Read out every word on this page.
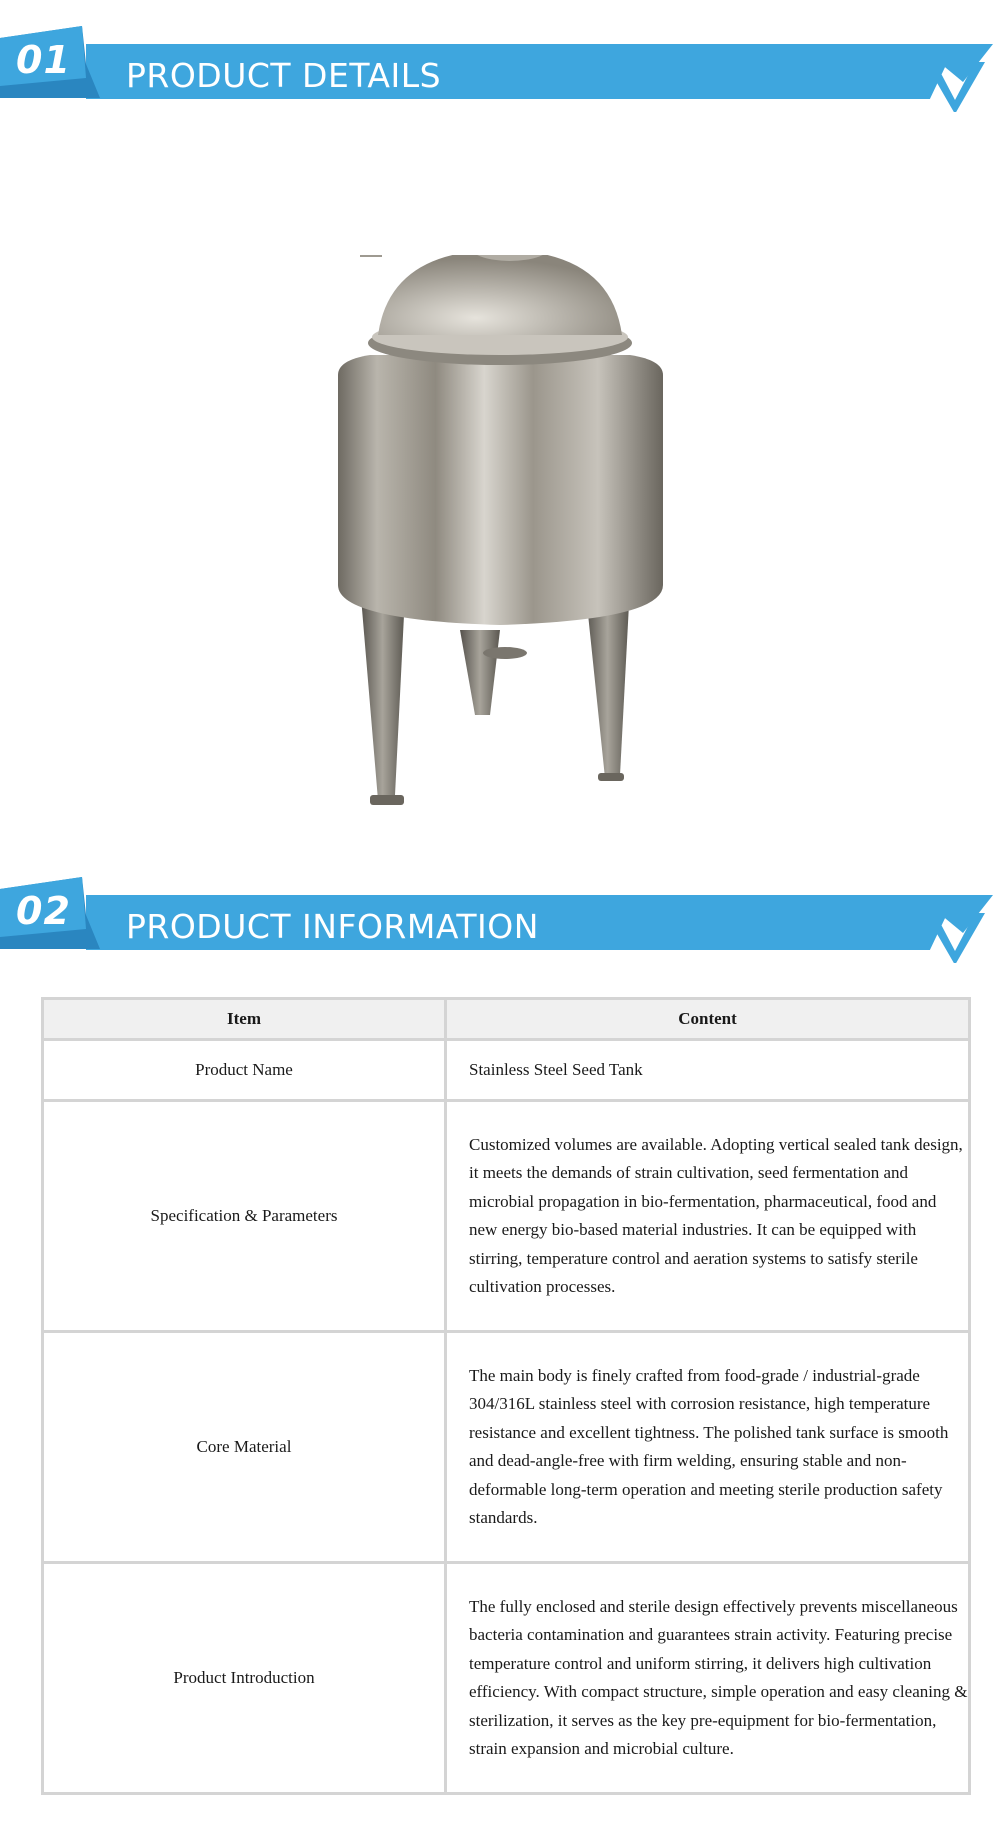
01 PRODUCT DETAILS
02 PRODUCT INFORMATION
Item	Content
Product Name	Stainless Steel Seed Tank
Specification & Parameters	Customized volumes are available. Adopting vertical sealed tank design, it meets the demands of strain cultivation, seed fermentation and microbial propagation in bio-fermentation, pharmaceutical, food and new energy bio-based material industries. It can be equipped with stirring, temperature control and aeration systems to satisfy sterile cultivation processes.
Core Material	The main body is finely crafted from food-grade / industrial-grade 304/316L stainless steel with corrosion resistance, high temperature resistance and excellent tightness. The polished tank surface is smooth and dead-angle-free with firm welding, ensuring stable and non-deformable long-term operation and meeting sterile production safety standards.
Product Introduction	The fully enclosed and sterile design effectively prevents miscellaneous bacteria contamination and guarantees strain activity. Featuring precise temperature control and uniform stirring, it delivers high cultivation efficiency. With compact structure, simple operation and easy cleaning & sterilization, it serves as the key pre-equipment for bio-fermentation, strain expansion and microbial culture.
